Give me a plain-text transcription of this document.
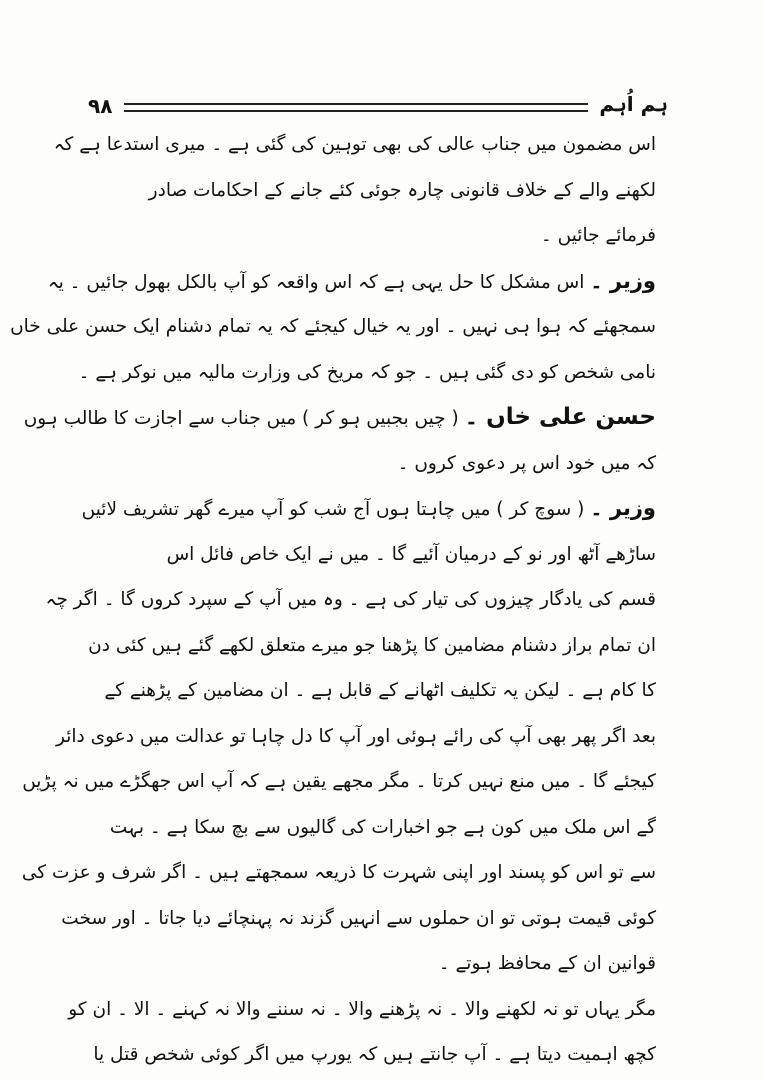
۹۸	ہم اُہم
اس مضمون میں جناب عالی کی بھی توہین کی گئی ہے ۔ میری استدعا ہے کہ
لکھنے والے کے خلاف قانونی چارہ جوئی کئے جانے کے احکامات صادر
فرمائے جائیں ۔
وزیر ۔ اس مشکل کا حل یہی ہے کہ اس واقعہ کو آپ بالکل بھول جائیں ۔ یہ
سمجھئے کہ ہوا ہی نہیں ۔ اور یہ خیال کیجئے کہ یہ تمام دشنام ایک حسن علی خاں
نامی شخص کو دی گئی ہیں ۔ جو کہ مریخ کی وزارت مالیہ میں نوکر ہے ۔
حسن علی خاں ۔ ( چیں بجبیں ہو کر ) میں جناب سے اجازت کا طالب ہوں
کہ میں خود اس پر دعوی کروں ۔
وزیر ۔ ( سوچ کر ) میں چاہتا ہوں آج شب کو آپ میرے گھر تشریف لائیں
ساڑھے آٹھ اور نو کے درمیان آئیے گا ۔ میں نے ایک خاص فائل اس
قسم کی یادگار چیزوں کی تیار کی ہے ۔ وہ میں آپ کے سپرد کروں گا ۔ اگر چہ
ان تمام براز دشنام مضامین کا پڑھنا جو میرے متعلق لکھے گئے ہیں کئی دن
کا کام ہے ۔ لیکن یہ تکلیف اٹھانے کے قابل ہے ۔ ان مضامین کے پڑھنے کے
بعد اگر پھر بھی آپ کی رائے ہوئی اور آپ کا دل چاہا تو عدالت میں دعوی دائر
کیجئے گا ۔ میں منع نہیں کرتا ۔ مگر مجھے یقین ہے کہ آپ اس جھگڑے میں نہ پڑیں
گے اس ملک میں کون ہے جو اخبارات کی گالیوں سے بچ سکا ہے ۔ بہت
سے تو اس کو پسند اور اپنی شہرت کا ذریعہ سمجھتے ہیں ۔ اگر شرف و عزت کی
کوئی قیمت ہوتی تو ان حملوں سے انہیں گزند نہ پہنچائے دیا جاتا ۔ اور سخت
قوانین ان کے محافظ ہوتے ۔
مگر یہاں تو نہ لکھنے والا ۔ نہ پڑھنے والا ۔ نہ سننے والا نہ کہنے ۔ الا ۔ ان کو
کچھ اہمیت دیتا ہے ۔ آپ جانتے ہیں کہ یورپ میں اگر کوئی شخص قتل یا
